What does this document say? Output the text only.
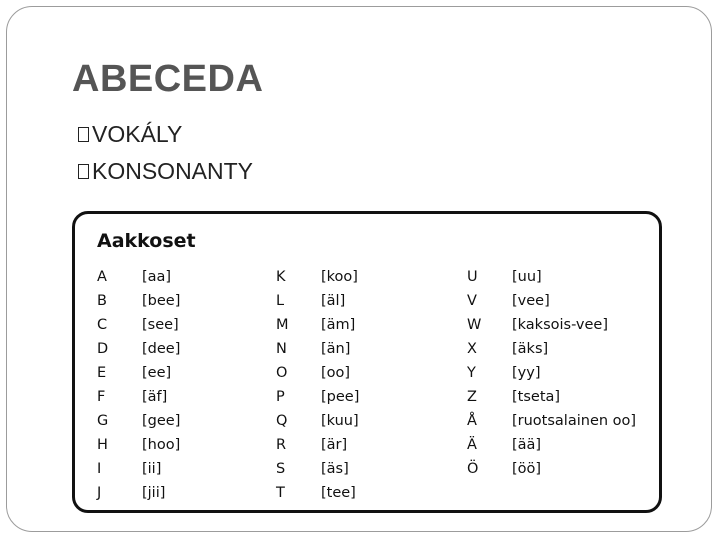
ABECEDA
VOKÁLY
KONSONANTY
Aakkoset
A [aa]
B [bee]
C [see]
D [dee]
E [ee]
F	[äf]
G [gee]
H [hoo]
I	[ii]
J	[jii]
K [koo]
L	[äl]
M [äm]
N [än]
O [oo]
P	[pee]
Q [kuu]
R [är]
S [äs]
T [tee]
U [uu]
V [vee]
W [kaksois-vee]
X [äks]
Y [yy]
Z [tseta]
Å [ruotsalainen oo]
Ä [ää]
Ö [öö]
